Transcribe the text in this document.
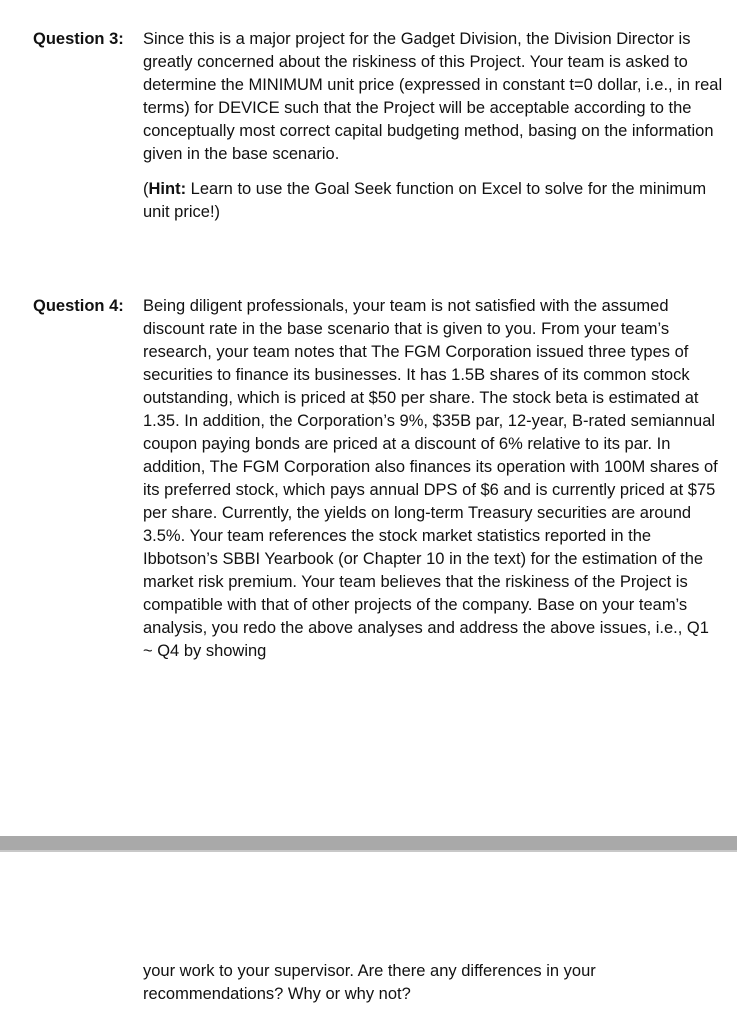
Question 3: Since this is a major project for the Gadget Division, the Division Director is greatly concerned about the riskiness of this Project. Your team is asked to determine the MINIMUM unit price (expressed in constant t=0 dollar, i.e., in real terms) for DEVICE such that the Project will be acceptable according to the conceptually most correct capital budgeting method, basing on the information given in the base scenario.

(Hint: Learn to use the Goal Seek function on Excel to solve for the minimum unit price!)

Question 4: Being diligent professionals, your team is not satisfied with the assumed discount rate in the base scenario that is given to you. From your team’s research, your team notes that The FGM Corporation issued three types of securities to finance its businesses. It has 1.5B shares of its common stock outstanding, which is priced at $50 per share. The stock beta is estimated at 1.35. In addition, the Corporation’s 9%, $35B par, 12-year, B-rated semiannual coupon paying bonds are priced at a discount of 6% relative to its par. In addition, The FGM Corporation also finances its operation with 100M shares of its preferred stock, which pays annual DPS of $6 and is currently priced at $75 per share. Currently, the yields on long-term Treasury securities are around 3.5%. Your team references the stock market statistics reported in the Ibbotson’s SBBI Yearbook (or Chapter 10 in the text) for the estimation of the market risk premium. Your team believes that the riskiness of the Project is compatible with that of other projects of the company. Base on your team’s analysis, you redo the above analyses and address the above issues, i.e., Q1 ~ Q4 by showing

your work to your supervisor. Are there any differences in your recommendations? Why or why not?
